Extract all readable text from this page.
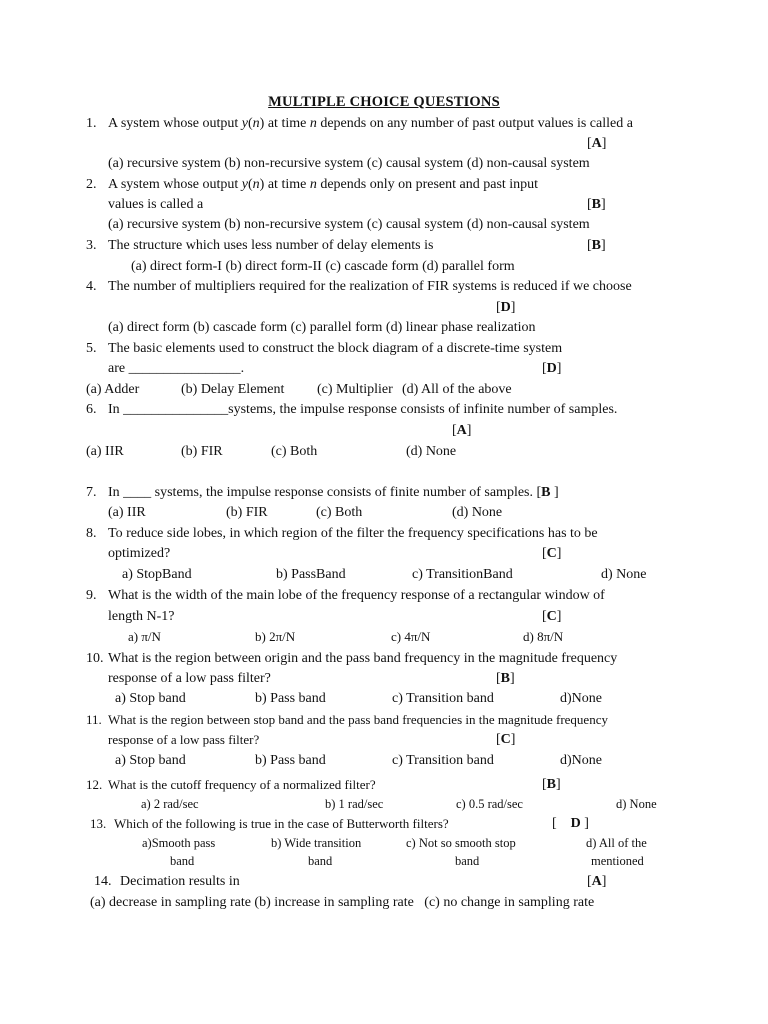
MULTIPLE CHOICE QUESTIONS
1. A system whose output y(n) at time n depends on any number of past output values is called a
[A]
(a) recursive system (b) non-recursive system (c) causal system (d) non-causal system
2. A system whose output y(n) at time n depends only on present and past input
values is called a	[B]
(a) recursive system (b) non-recursive system (c) causal system (d) non-causal system
3. The structure which uses less number of delay elements is	[B]
(a) direct form-I (b) direct form-II (c) cascade form (d) parallel form
4. The number of multipliers required for the realization of FIR systems is reduced if we choose
[D]
(a) direct form (b) cascade form (c) parallel form (d) linear phase realization
5. The basic elements used to construct the block diagram of a discrete-time system
are ________________.	[D]
(a) Adder	(b) Delay Element (c) Multiplier (d) All of the above
6. In _______________systems, the impulse response consists of infinite number of samples.
[A]
(a) IIR	(b) FIR	(c) Both	(d) None
7. In ____ systems, the impulse response consists of finite number of samples. [B ]
(a) IIR	(b) FIR	(c) Both	(d) None
8. To reduce side lobes, in which region of the filter the frequency specifications has to be
optimized?	[C]
a) StopBand	b) PassBand	c) TransitionBand	d) None
9. What is the width of the main lobe of the frequency response of a rectangular window of
length N-1?	[C]
a) π/N	b) 2π/N	c) 4π/N	d) 8π/N
10. What is the region between origin and the pass band frequency in the magnitude frequency
response of a low pass filter?	[B]
a) Stop band	b) Pass band	c) Transition band	d)None
11. What is the region between stop band and the pass band frequencies in the magnitude frequency
response of a low pass filter?	[C]
a) Stop band	b) Pass band	c) Transition band	d)None
12. What is the cutoff frequency of a normalized filter?	[B]
a) 2 rad/sec	b) 1 rad/sec	c) 0.5 rad/sec	d) None
13. Which of the following is true in the case of Butterworth filters?	[    D ]
a)Smooth pass
band
b) Wide transition
band
c) Not so smooth stop
band
d) All of the
mentioned
14. Decimation results in	[A]
(a) decrease in sampling rate (b) increase in sampling rate   (c) no change in sampling rate
